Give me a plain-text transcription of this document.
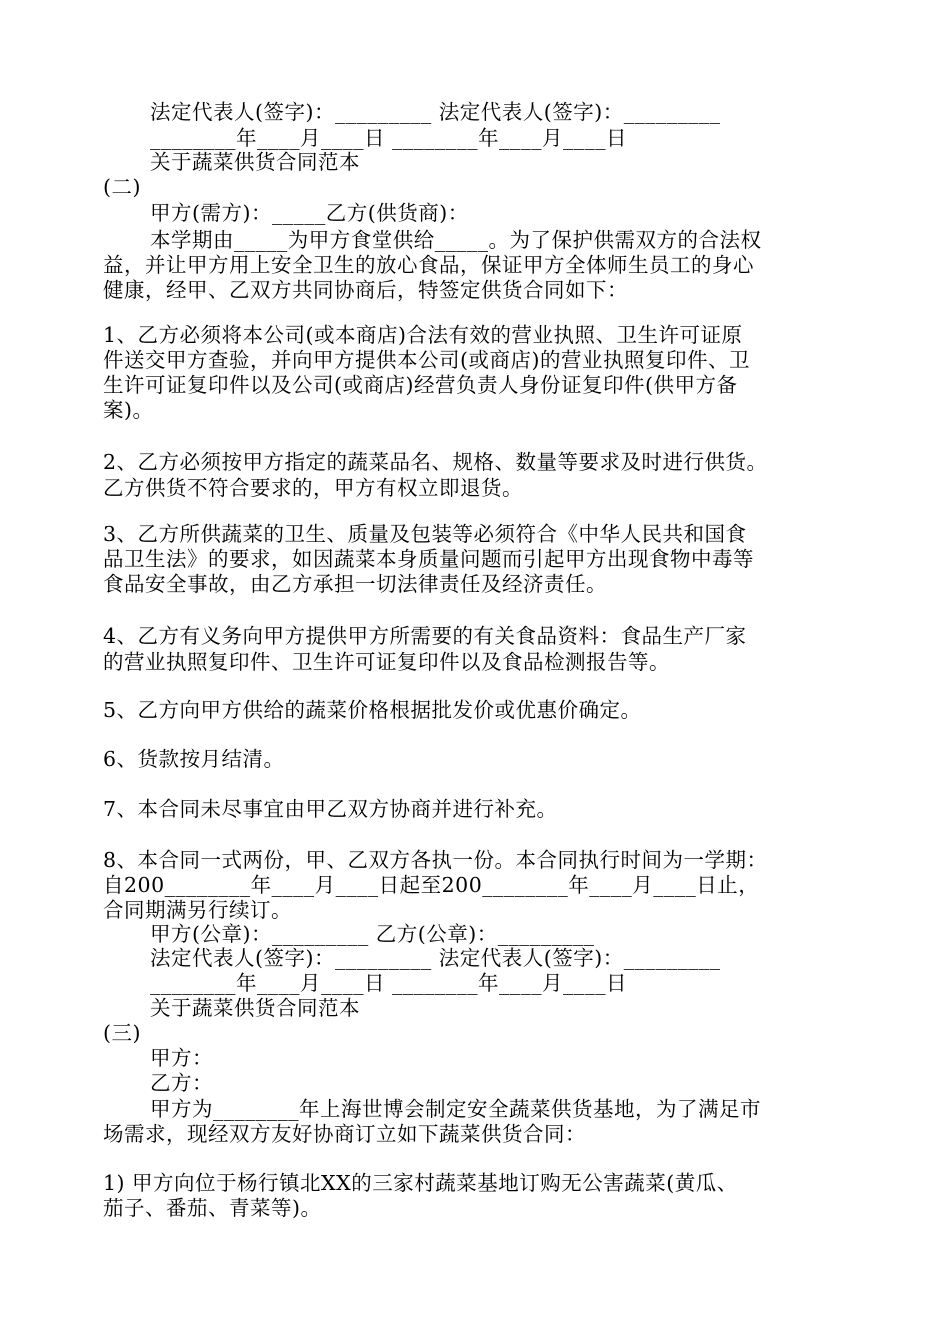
法定代表人(签字)：_________ 法定代表人(签字)：_________
________年____月____日 ________年____月____日
关于蔬菜供货合同范本
(二)
甲方(需方)：_____乙方(供货商)：
本学期由_____为甲方食堂供给_____。为了保护供需双方的合法权
益，并让甲方用上安全卫生的放心食品，保证甲方全体师生员工的身心
健康，经甲、乙双方共同协商后，特签定供货合同如下：
1、乙方必须将本公司(或本商店)合法有效的营业执照、卫生许可证原
件送交甲方查验，并向甲方提供本公司(或商店)的营业执照复印件、卫
生许可证复印件以及公司(或商店)经营负责人身份证复印件(供甲方备
案)。
2、乙方必须按甲方指定的蔬菜品名、规格、数量等要求及时进行供货。
乙方供货不符合要求的，甲方有权立即退货。
3、乙方所供蔬菜的卫生、质量及包装等必须符合《中华人民共和国食
品卫生法》的要求，如因蔬菜本身质量问题而引起甲方出现食物中毒等
食品安全事故，由乙方承担一切法律责任及经济责任。
4、乙方有义务向甲方提供甲方所需要的有关食品资料：食品生产厂家
的营业执照复印件、卫生许可证复印件以及食品检测报告等。
5、乙方向甲方供给的蔬菜价格根据批发价或优惠价确定。
6、货款按月结清。
7、本合同未尽事宜由甲乙双方协商并进行补充。
8、本合同一式两份，甲、乙双方各执一份。本合同执行时间为一学期：
自200________年____月____日起至200________年____月____日止，
合同期满另行续订。
甲方(公章)：_________ 乙方(公章)：_________
法定代表人(签字)：_________ 法定代表人(签字)：_________
________年____月____日 ________年____月____日
关于蔬菜供货合同范本
(三)
甲方：
乙方：
甲方为________年上海世博会制定安全蔬菜供货基地，为了满足市
场需求，现经双方友好协商订立如下蔬菜供货合同：
1) 甲方向位于杨行镇北XX的三家村蔬菜基地订购无公害蔬菜(黄瓜、
茄子、番茄、青菜等)。
